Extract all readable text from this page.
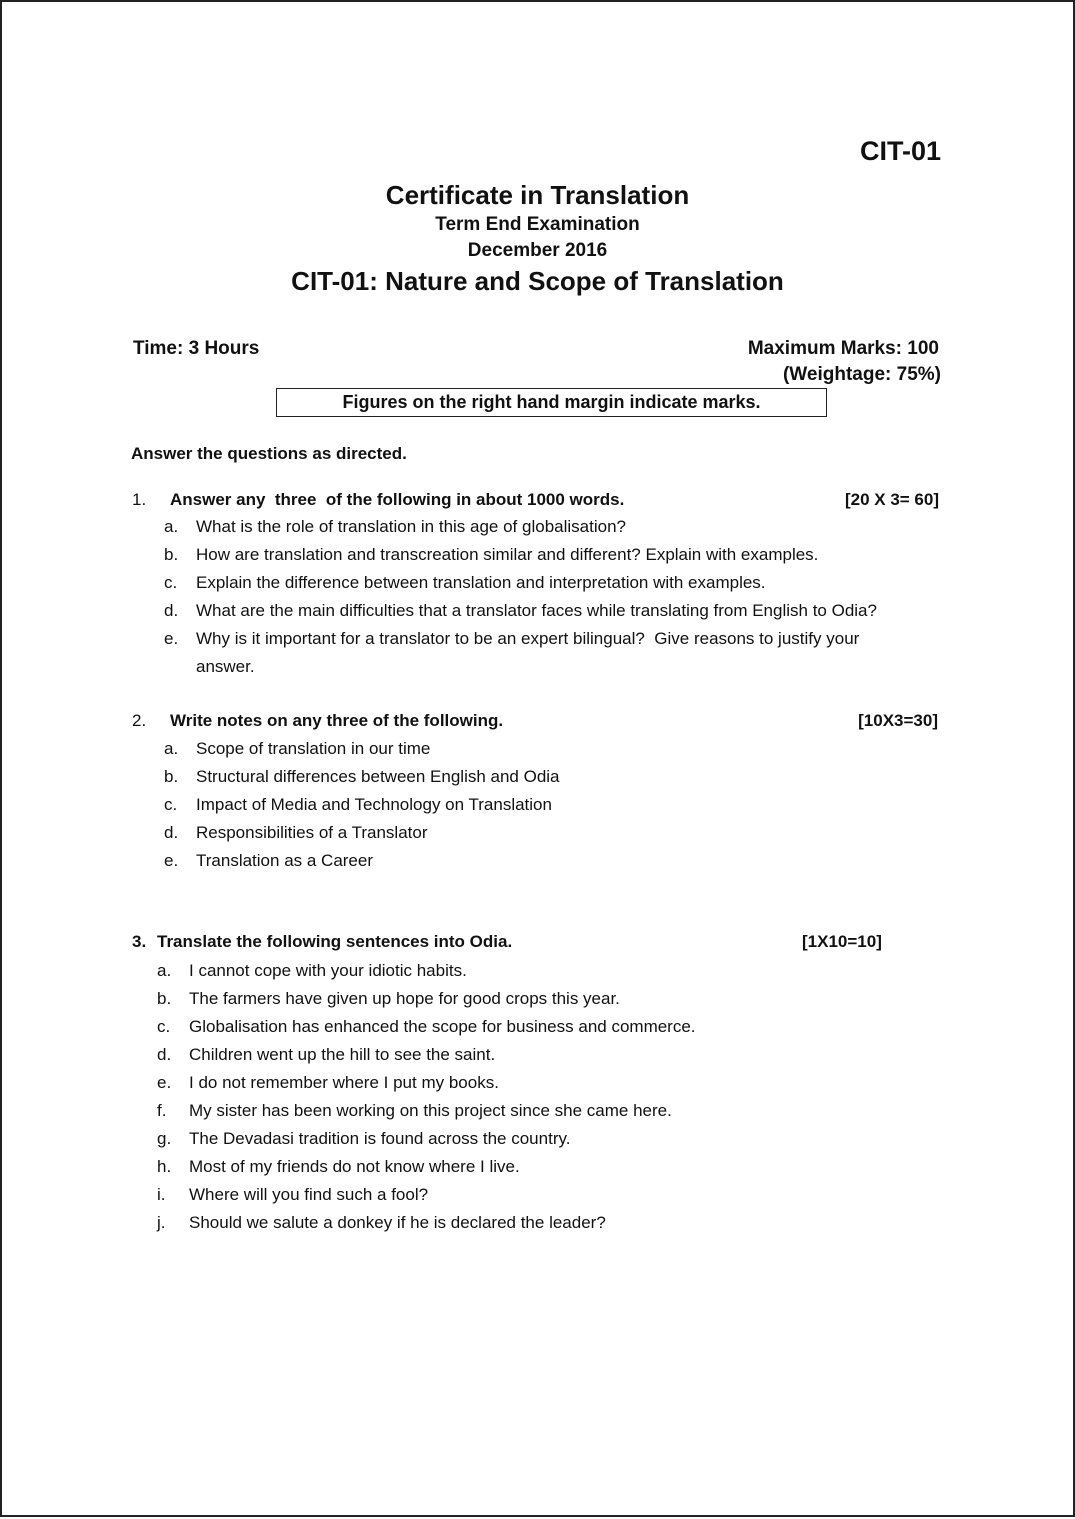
CIT-01
Certificate in Translation
Term End Examination
December 2016
CIT-01: Nature and Scope of Translation
Time: 3 Hours	Maximum Marks: 100
(Weightage: 75%)
Figures on the right hand margin indicate marks.
Answer the questions as directed.
1. Answer any  three  of the following in about 1000 words.	[20 X 3= 60]
a. What is the role of translation in this age of globalisation?
b. How are translation and transcreation similar and different? Explain with examples.
c. Explain the difference between translation and interpretation with examples.
d. What are the main difficulties that a translator faces while translating from English to Odia?
e. Why is it important for a translator to be an expert bilingual?  Give reasons to justify your
answer.
2. Write notes on any three of the following.	[10X3=30]
a. Scope of translation in our time
b. Structural differences between English and Odia
c. Impact of Media and Technology on Translation
d. Responsibilities of a Translator
e. Translation as a Career
3. Translate the following sentences into Odia.	[1X10=10]
a. I cannot cope with your idiotic habits.
b. The farmers have given up hope for good crops this year.
c. Globalisation has enhanced the scope for business and commerce.
d. Children went up the hill to see the saint.
e. I do not remember where I put my books.
f. My sister has been working on this project since she came here.
g. The Devadasi tradition is found across the country.
h. Most of my friends do not know where I live.
i. Where will you find such a fool?
j. Should we salute a donkey if he is declared the leader?
